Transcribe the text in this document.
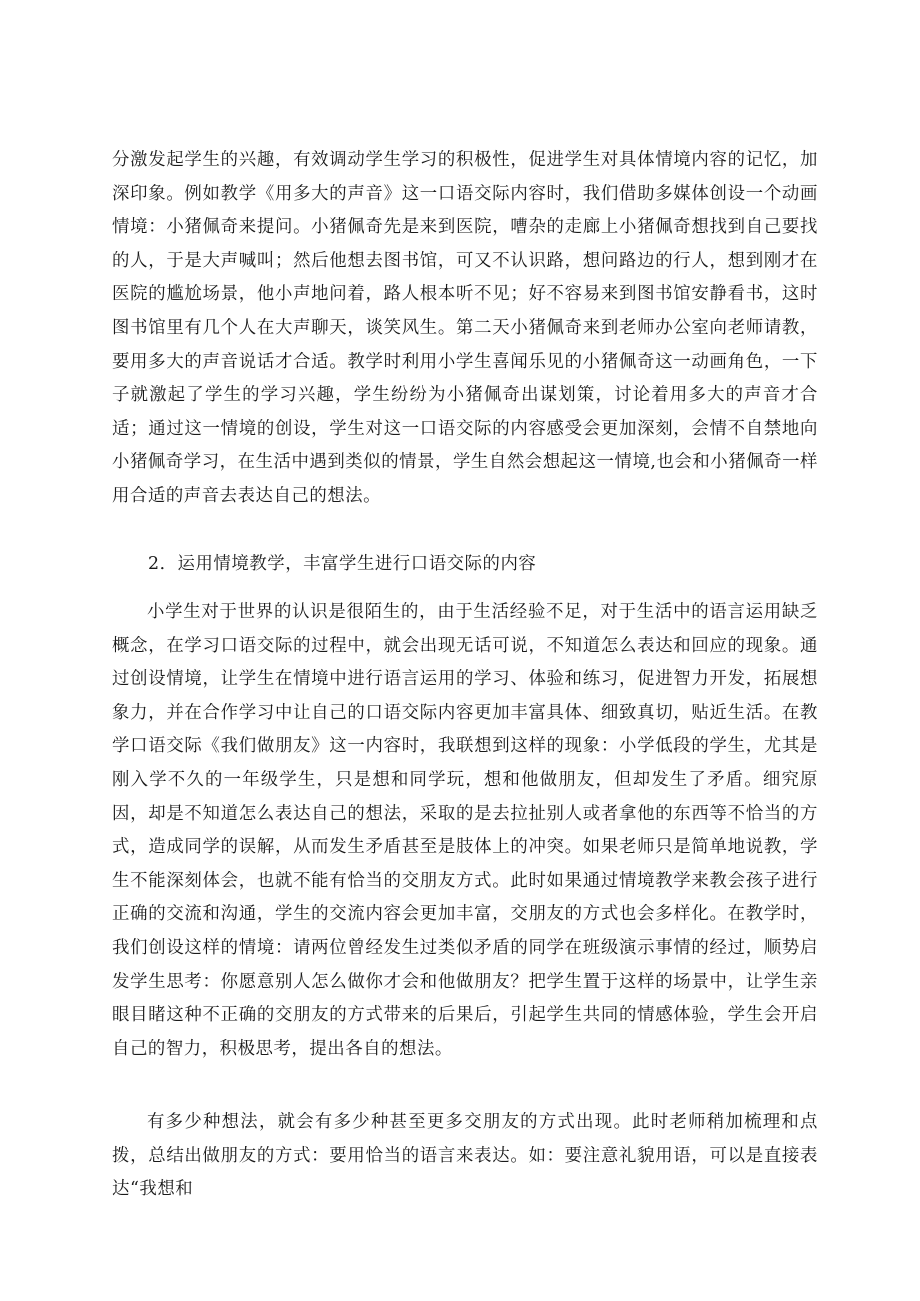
分激发起学生的兴趣，有效调动学生学习的积极性，促进学生对具体情境内容的记忆，加深印象。例如教学《用多大的声音》这一口语交际内容时，我们借助多媒体创设一个动画情境：小猪佩奇来提问。小猪佩奇先是来到医院，嘈杂的走廊上小猪佩奇想找到自己要找的人，于是大声喊叫；然后他想去图书馆，可又不认识路，想问路边的行人，想到刚才在医院的尴尬场景，他小声地问着，路人根本听不见；好不容易来到图书馆安静看书，这时图书馆里有几个人在大声聊天，谈笑风生。第二天小猪佩奇来到老师办公室向老师请教，要用多大的声音说话才合适。教学时利用小学生喜闻乐见的小猪佩奇这一动画角色，一下子就激起了学生的学习兴趣，学生纷纷为小猪佩奇出谋划策，讨论着用多大的声音才合适；通过这一情境的创设，学生对这一口语交际的内容感受会更加深刻，会情不自禁地向小猪佩奇学习，在生活中遇到类似的情景，学生自然会想起这一情境,也会和小猪佩奇一样用合适的声音去表达自己的想法。

2．运用情境教学，丰富学生进行口语交际的内容

小学生对于世界的认识是很陌生的，由于生活经验不足，对于生活中的语言运用缺乏概念，在学习口语交际的过程中，就会出现无话可说，不知道怎么表达和回应的现象。通过创设情境，让学生在情境中进行语言运用的学习、体验和练习，促进智力开发，拓展想象力，并在合作学习中让自己的口语交际内容更加丰富具体、细致真切，贴近生活。在教学口语交际《我们做朋友》这一内容时，我联想到这样的现象：小学低段的学生，尤其是刚入学不久的一年级学生，只是想和同学玩，想和他做朋友，但却发生了矛盾。细究原因，却是不知道怎么表达自己的想法，采取的是去拉扯别人或者拿他的东西等不恰当的方式，造成同学的误解，从而发生矛盾甚至是肢体上的冲突。如果老师只是简单地说教，学生不能深刻体会，也就不能有恰当的交朋友方式。此时如果通过情境教学来教会孩子进行正确的交流和沟通，学生的交流内容会更加丰富，交朋友的方式也会多样化。在教学时，我们创设这样的情境：请两位曾经发生过类似矛盾的同学在班级演示事情的经过，顺势启发学生思考：你愿意别人怎么做你才会和他做朋友？把学生置于这样的场景中，让学生亲眼目睹这种不正确的交朋友的方式带来的后果后，引起学生共同的情感体验，学生会开启自己的智力，积极思考，提出各自的想法。

有多少种想法，就会有多少种甚至更多交朋友的方式出现。此时老师稍加梳理和点拨，总结出做朋友的方式：要用恰当的语言来表达。如：要注意礼貌用语，可以是直接表达“我想和
